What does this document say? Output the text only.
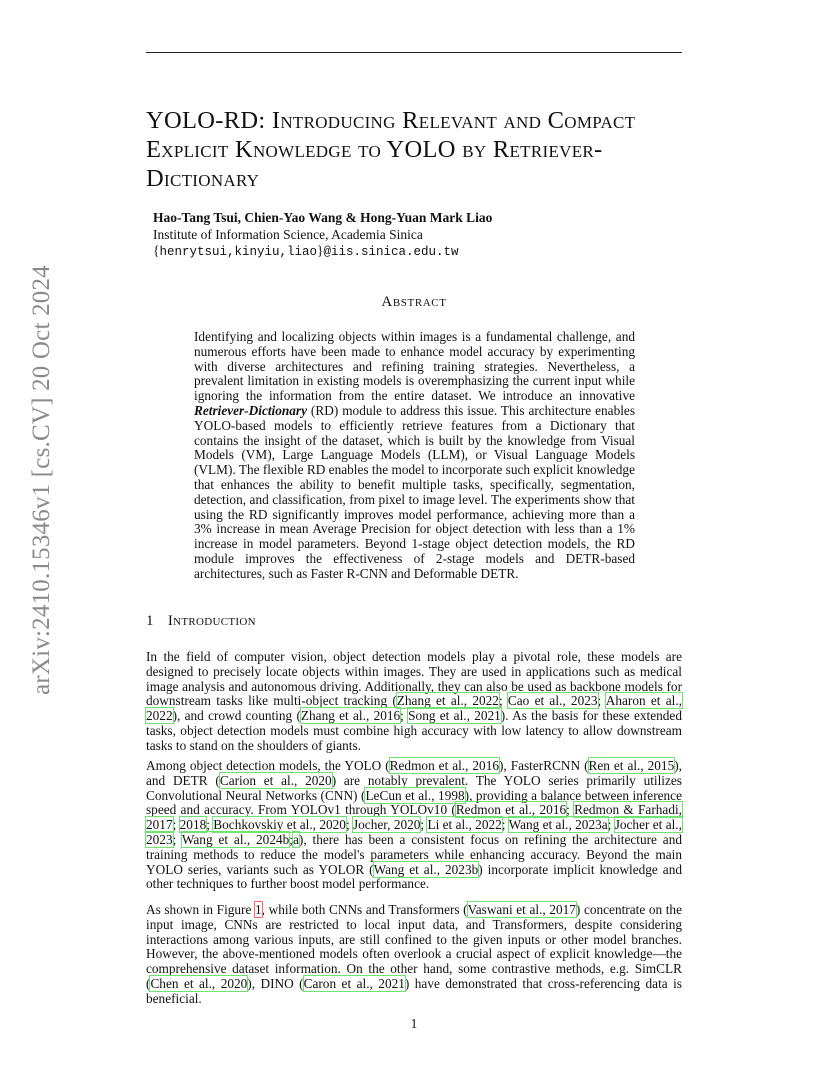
arXiv:2410.15346v1 [cs.CV] 20 Oct 2024
YOLO-RD: Introducing Relevant and Compact
Explicit Knowledge to YOLO by Retriever-
Dictionary
Hao-Tang Tsui, Chien-Yao Wang & Hong-Yuan Mark Liao
Institute of Information Science, Academia Sinica
{henrytsui,kinyiu,liao}@iis.sinica.edu.tw
Abstract
Identifying and localizing objects within images is a fundamental challenge, and numerous efforts have been made to enhance model accuracy by experimenting with diverse architectures and refining training strategies. Nevertheless, a prevalent limitation in existing models is overemphasizing the current input while ignoring the information from the entire dataset. We introduce an innovative Retriever-Dictionary (RD) module to address this issue. This architecture enables YOLO-based models to efficiently retrieve features from a Dictionary that contains the insight of the dataset, which is built by the knowledge from Visual Models (VM), Large Language Models (LLM), or Visual Language Models (VLM). The flexible RD enables the model to incorporate such explicit knowledge that enhances the ability to benefit multiple tasks, specifically, segmentation, detection, and classification, from pixel to image level. The experiments show that using the RD significantly improves model performance, achieving more than a 3% increase in mean Average Precision for object detection with less than a 1% increase in model parameters. Beyond 1-stage object detection models, the RD module improves the effectiveness of 2-stage models and DETR-based architectures, such as Faster R-CNN and Deformable DETR.
1 Introduction
In the field of computer vision, object detection models play a pivotal role, these models are designed to precisely locate objects within images. They are used in applications such as medical image analysis and autonomous driving. Additionally, they can also be used as backbone models for downstream tasks like multi-object tracking (Zhang et al., 2022; Cao et al., 2023; Aharon et al., 2022), and crowd counting (Zhang et al., 2016; Song et al., 2021). As the basis for these extended tasks, object detection models must combine high accuracy with low latency to allow downstream tasks to stand on the shoulders of giants.
Among object detection models, the YOLO (Redmon et al., 2016), FasterRCNN (Ren et al., 2015), and DETR (Carion et al., 2020) are notably prevalent. The YOLO series primarily utilizes Convolutional Neural Networks (CNN) (LeCun et al., 1998), providing a balance between inference speed and accuracy. From YOLOv1 through YOLOv10 (Redmon et al., 2016; Redmon & Farhadi, 2017; 2018; Bochkovskiy et al., 2020; Jocher, 2020; Li et al., 2022; Wang et al., 2023a; Jocher et al., 2023; Wang et al., 2024b;a), there has been a consistent focus on refining the architecture and training methods to reduce the model's parameters while enhancing accuracy. Beyond the main YOLO series, variants such as YOLOR (Wang et al., 2023b) incorporate implicit knowledge and other techniques to further boost model performance.
As shown in Figure 1, while both CNNs and Transformers (Vaswani et al., 2017) concentrate on the input image, CNNs are restricted to local input data, and Transformers, despite considering interactions among various inputs, are still confined to the given inputs or other model branches. However, the above-mentioned models often overlook a crucial aspect of explicit knowledge—the comprehensive dataset information. On the other hand, some contrastive methods, e.g. SimCLR (Chen et al., 2020), DINO (Caron et al., 2021) have demonstrated that cross-referencing data is beneficial.
1
